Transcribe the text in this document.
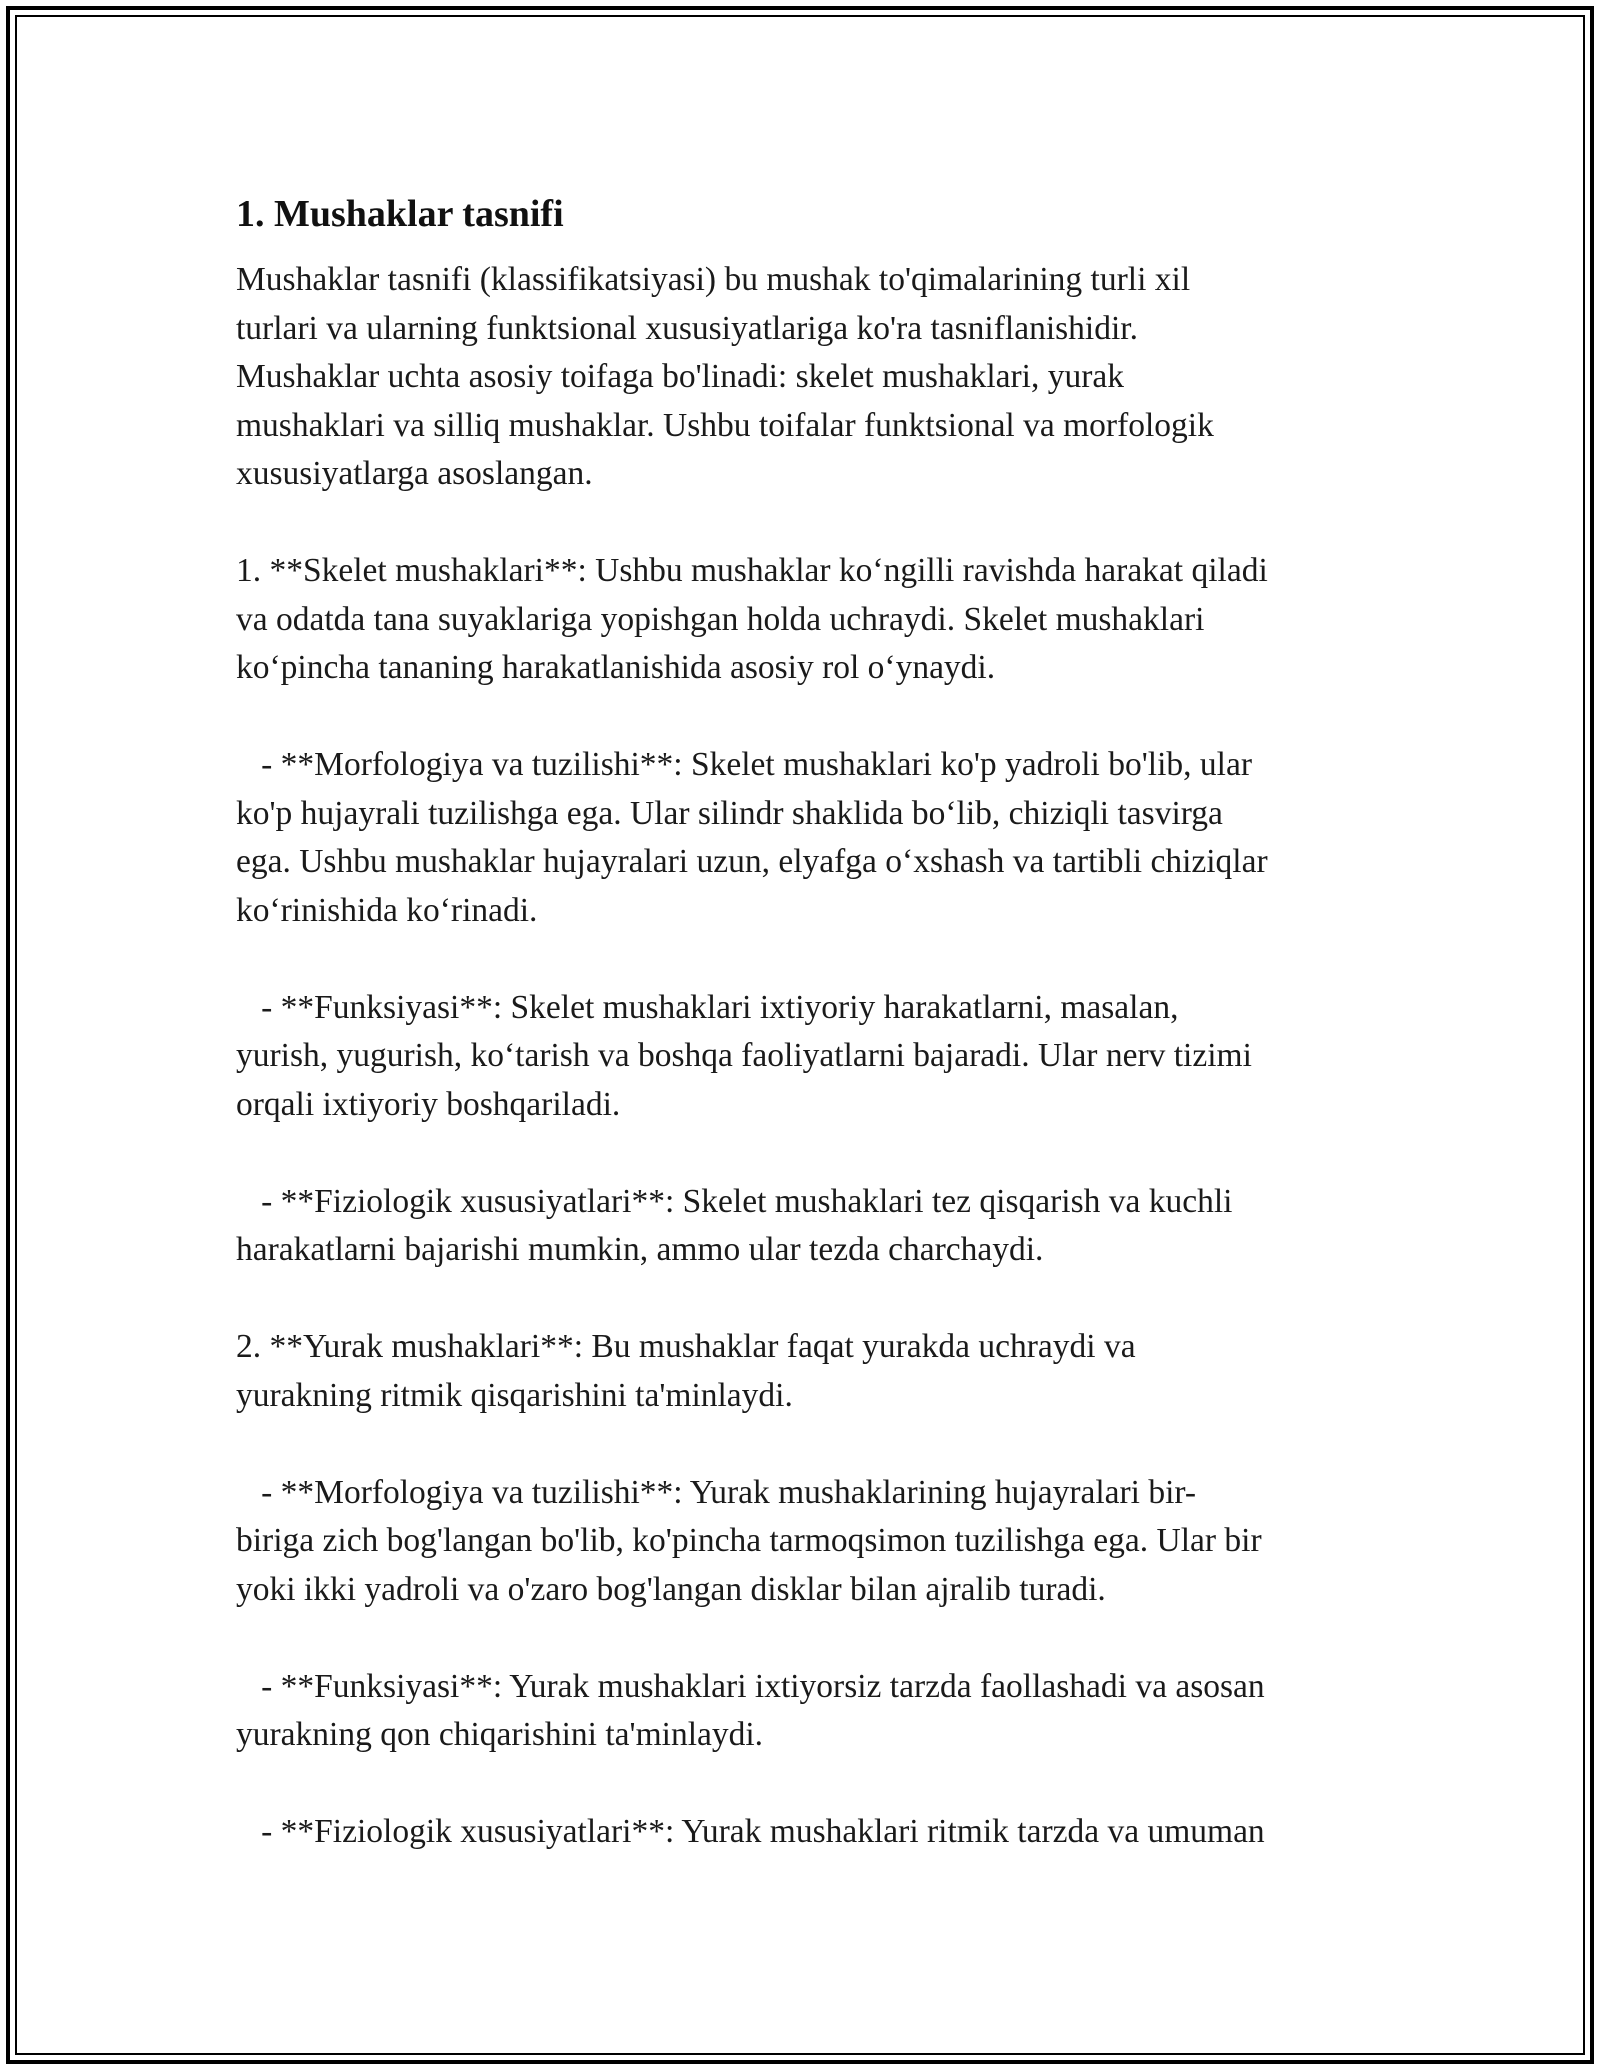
1. Mushaklar tasnifi
Mushaklar tasnifi (klassifikatsiyasi) bu mushak to'qimalarining turli xil
turlari va ularning funktsional xususiyatlariga ko'ra tasniflanishidir.
Mushaklar uchta asosiy toifaga bo'linadi: skelet mushaklari, yurak
mushaklari va silliq mushaklar. Ushbu toifalar funktsional va morfologik
xususiyatlarga asoslangan.
1. **Skelet mushaklari**: Ushbu mushaklar ko‘ngilli ravishda harakat qiladi
va odatda tana suyaklariga yopishgan holda uchraydi. Skelet mushaklari
ko‘pincha tananing harakatlanishida asosiy rol o‘ynaydi.
- **Morfologiya va tuzilishi**: Skelet mushaklari ko'p yadroli bo'lib, ular
ko'p hujayrali tuzilishga ega. Ular silindr shaklida bo‘lib, chiziqli tasvirga
ega. Ushbu mushaklar hujayralari uzun, elyafga o‘xshash va tartibli chiziqlar
ko‘rinishida ko‘rinadi.
- **Funksiyasi**: Skelet mushaklari ixtiyoriy harakatlarni, masalan,
yurish, yugurish, ko‘tarish va boshqa faoliyatlarni bajaradi. Ular nerv tizimi
orqali ixtiyoriy boshqariladi.
- **Fiziologik xususiyatlari**: Skelet mushaklari tez qisqarish va kuchli
harakatlarni bajarishi mumkin, ammo ular tezda charchaydi.
2. **Yurak mushaklari**: Bu mushaklar faqat yurakda uchraydi va
yurakning ritmik qisqarishini ta'minlaydi.
- **Morfologiya va tuzilishi**: Yurak mushaklarining hujayralari bir-
biriga zich bog'langan bo'lib, ko'pincha tarmoqsimon tuzilishga ega. Ular bir
yoki ikki yadroli va o'zaro bog'langan disklar bilan ajralib turadi.
- **Funksiyasi**: Yurak mushaklari ixtiyorsiz tarzda faollashadi va asosan
yurakning qon chiqarishini ta'minlaydi.
- **Fiziologik xususiyatlari**: Yurak mushaklari ritmik tarzda va umuman
